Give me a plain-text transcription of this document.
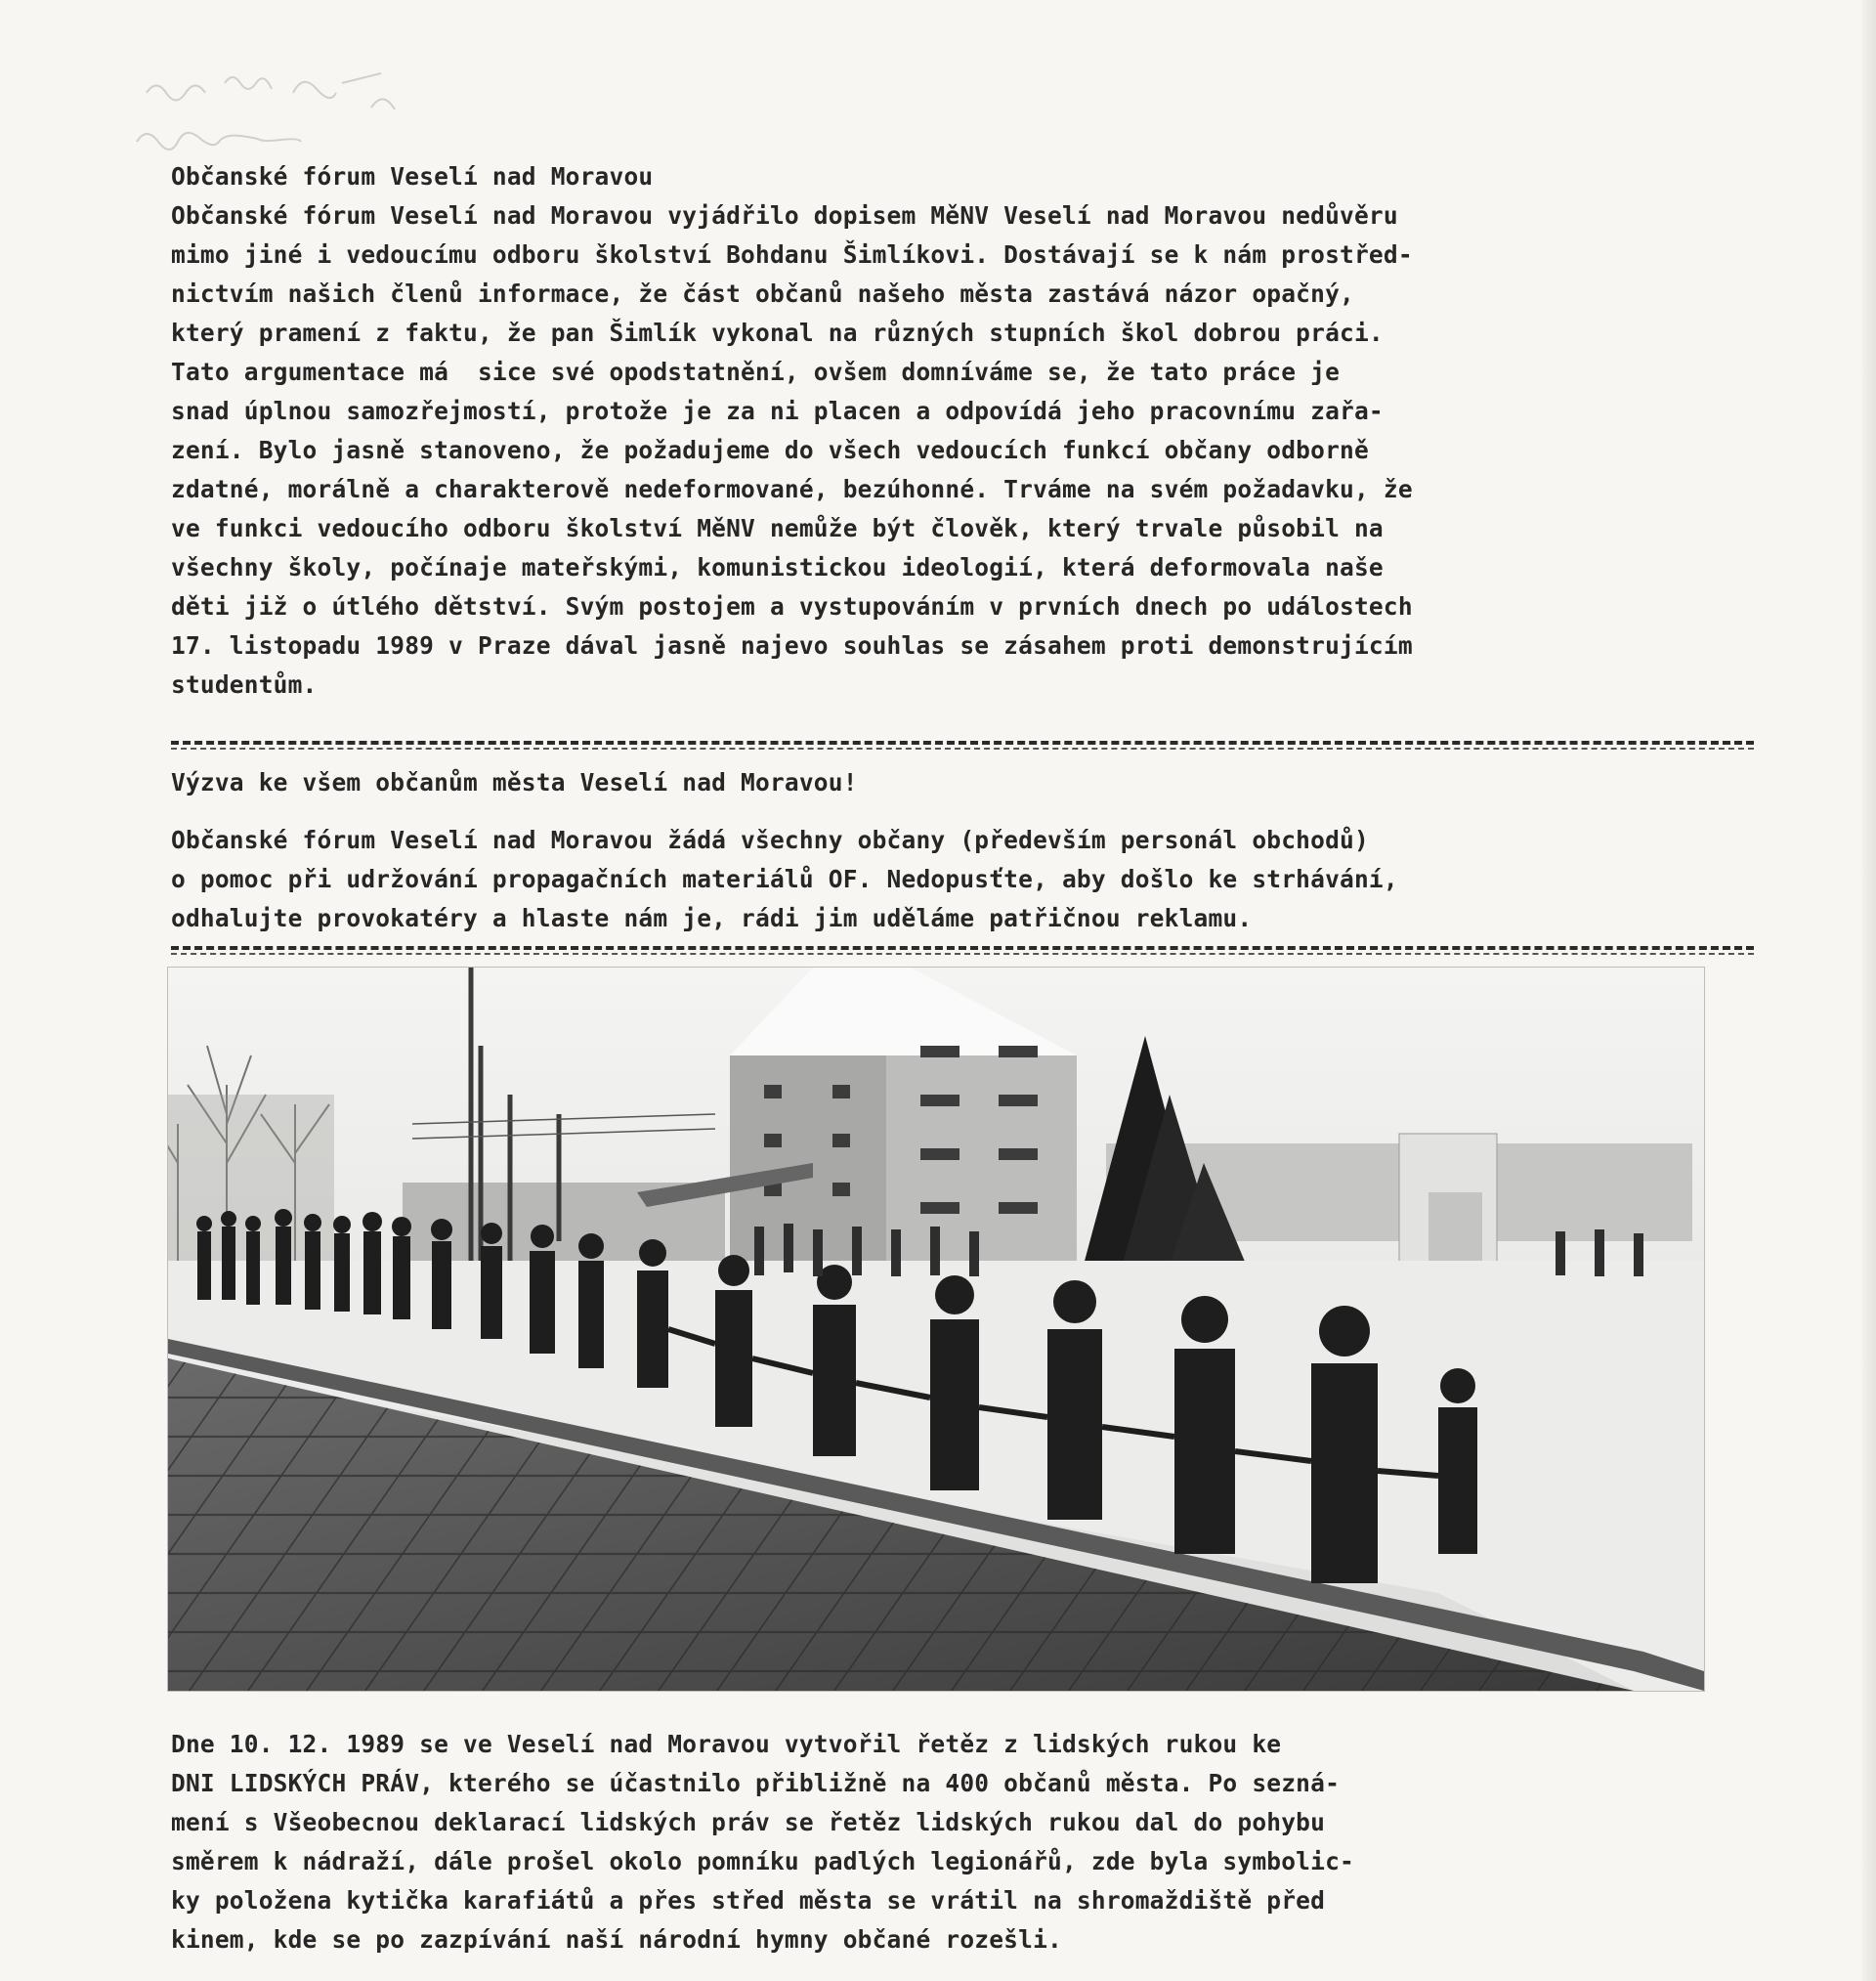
Občanské fórum Veselí nad Moravou

Občanské fórum Veselí nad Moravou vyjádřilo dopisem MěNV Veselí nad Moravou nedůvěru

mimo jiné i vedoucímu odboru školství Bohdanu Šimlíkovi. Dostávají se k nám prostřed-

nictvím našich členů informace, že část občanů našeho města zastává názor opačný,

který pramení z faktu, že pan Šimlík vykonal na různých stupních škol dobrou práci.

Tato argumentace má  sice své opodstatnění, ovšem domníváme se, že tato práce je

snad úplnou samozřejmostí, protože je za ni placen a odpovídá jeho pracovnímu zařa-

zení. Bylo jasně stanoveno, že požadujeme do všech vedoucích funkcí občany odborně

zdatné, morálně a charakterově nedeformované, bezúhonné. Trváme na svém požadavku, že

ve funkci vedoucího odboru školství MěNV nemůže být člověk, který trvale působil na

všechny školy, počínaje mateřskými, komunistickou ideologií, která deformovala naše

děti již o útlého dětství. Svým postojem a vystupováním v prvních dnech po událostech

17. listopadu 1989 v Praze dával jasně najevo souhlas se zásahem proti demonstrujícím

studentům.

Výzva ke všem občanům města Veselí nad Moravou!

Občanské fórum Veselí nad Moravou žádá všechny občany (především personál obchodů)

o pomoc při udržování propagačních materiálů OF. Nedopusťte, aby došlo ke strhávání,

odhalujte provokatéry a hlaste nám je, rádi jim uděláme patřičnou reklamu.

Dne 10. 12. 1989 se ve Veselí nad Moravou vytvořil řetěz z lidských rukou ke

DNI LIDSKÝCH PRÁV, kterého se účastnilo přibližně na 400 občanů města. Po sezná-

mení s Všeobecnou deklarací lidských práv se řetěz lidských rukou dal do pohybu

směrem k nádraží, dále prošel okolo pomníku padlých legionářů, zde byla symbolic-

ky položena kytička karafiátů a přes střed města se vrátil na shromaždiště před

kinem, kde se po zazpívání naší národní hymny občané rozešli.
